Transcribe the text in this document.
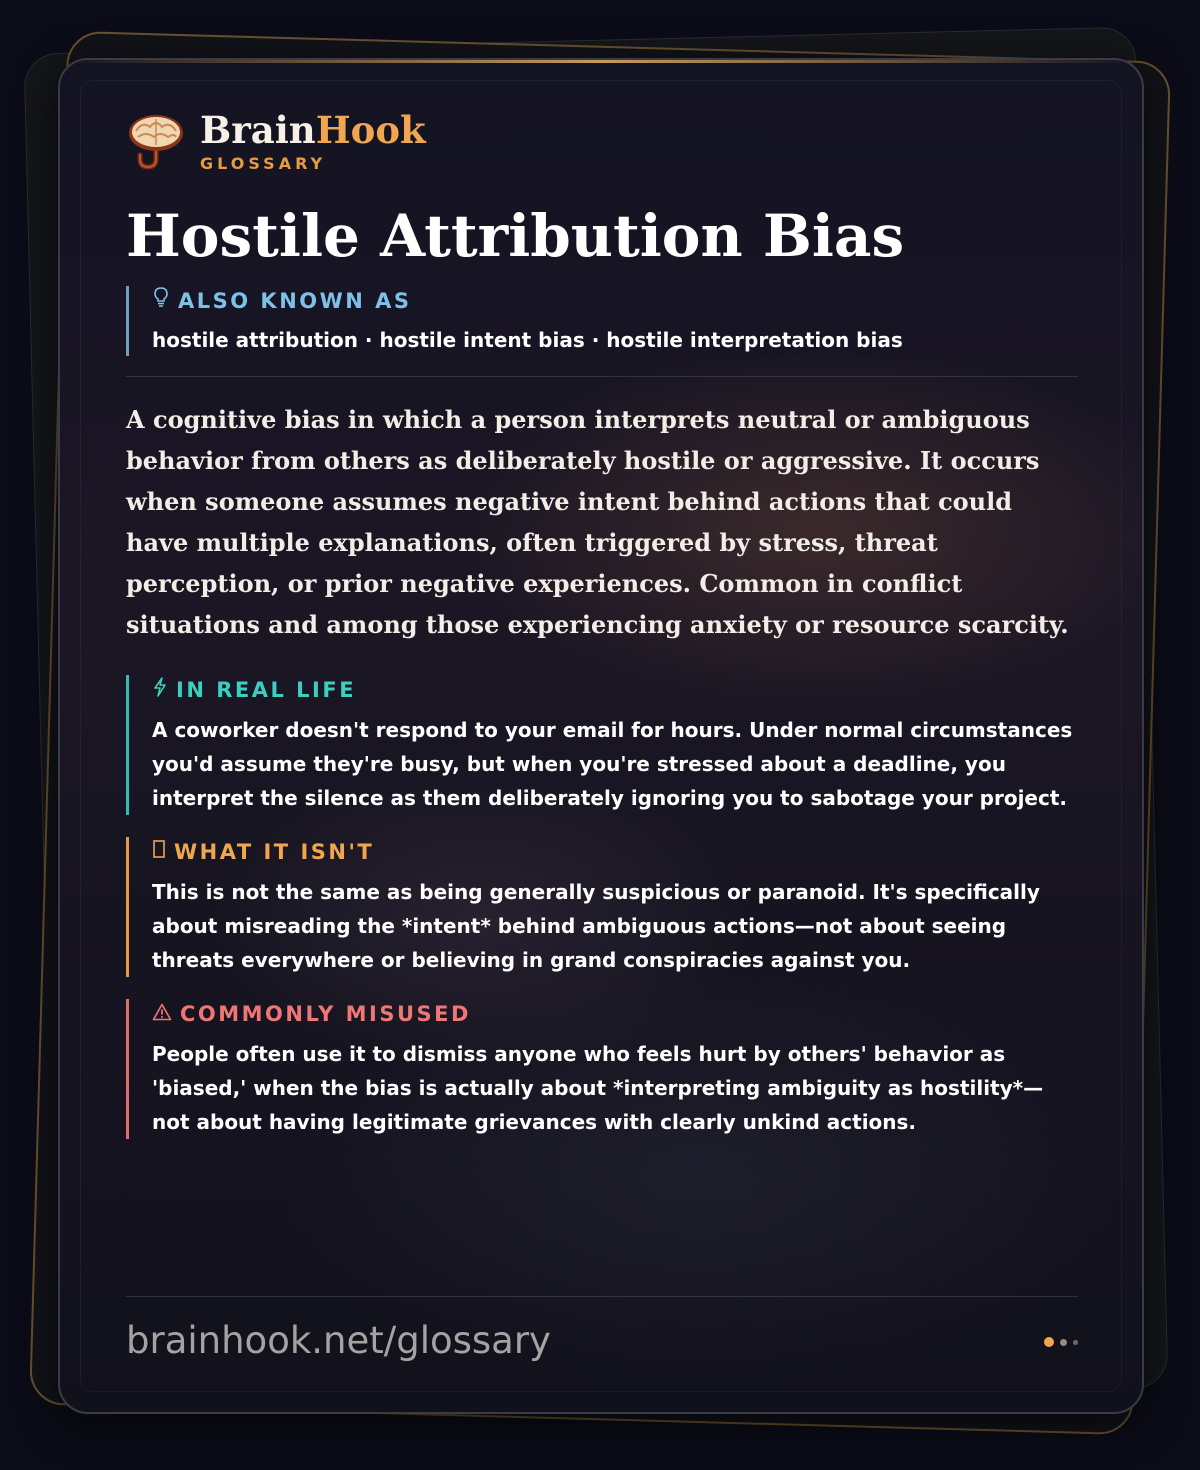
BrainHook
GLOSSARY
Hostile Attribution Bias
ALSO KNOWN AS
hostile attribution · hostile intent bias · hostile interpretation bias
A cognitive bias in which a person interprets neutral or ambiguous behavior from others as deliberately hostile or aggressive. It occurs when someone assumes negative intent behind actions that could have multiple explanations, often triggered by stress, threat perception, or prior negative experiences. Common in conflict situations and among those experiencing anxiety or resource scarcity.
IN REAL LIFE
A coworker doesn't respond to your email for hours. Under normal circumstances you'd assume they're busy, but when you're stressed about a deadline, you interpret the silence as them deliberately ignoring you to sabotage your project.
WHAT IT ISN'T
This is not the same as being generally suspicious or paranoid. It's specifically about misreading the *intent* behind ambiguous actions—not about seeing threats everywhere or believing in grand conspiracies against you.
COMMONLY MISUSED
People often use it to dismiss anyone who feels hurt by others' behavior as 'biased,' when the bias is actually about *interpreting ambiguity as hostility*—not about having legitimate grievances with clearly unkind actions.
brainhook.net/glossary
